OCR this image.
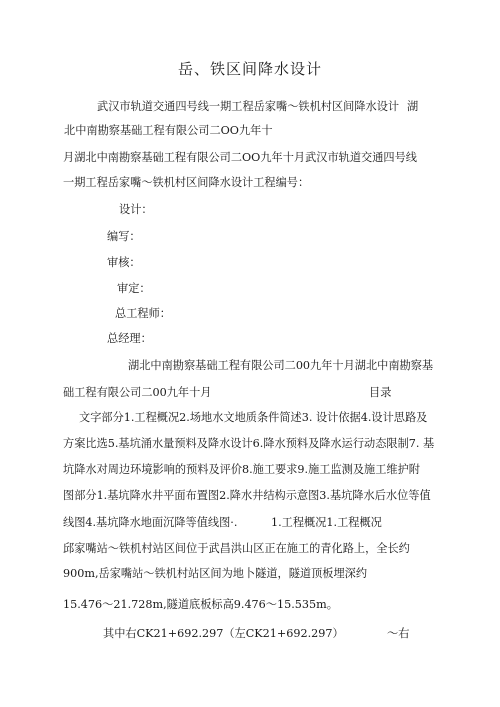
岳、铁区间降水设计
武汉市轨道交通四号线一期工程岳家嘴～铁机村区间降水设计 湖
北中南勘察基础工程有限公司二OO九年十
月湖北中南勘察基础工程有限公司二OO九年十月武汉市轨道交通四号线
一期工程岳家嘴～铁机村区间降水设计工程编号：
设计：
编写：
审核：
审定：
总工程师：
总经理：
湖北中南勘察基础工程有限公司二00九年十月湖北中南勘察基
础工程有限公司二00九年十月	目录
文字部分1.工程概况2.场地水文地质条件简述3. 设计依据4.设计思路及
方案比选5.基坑涌水量预料及降水设计6.降水预料及降水运行动态限制7. 基
坑降水对周边环境影响的预料及评价8.施工要求9.施工监测及施工维护附
图部分1.基坑降水井平面布置图2.降水井结构示意图3.基坑降水后水位等值
线图4.基坑降水地面沉降等值线图·.	1.工程概况1.工程概况
邱家嘴站～铁机村站区间位于武昌洪山区正在施工的青化路上，全长约
900m,岳家嘴站～铁机村站区间为地卜隧道，隧道顶板埋深约
15.476～21.728m,隧道底板标高9.476～15.535m。
其中右CK21+692.297（左CK21+692.297）	～右
